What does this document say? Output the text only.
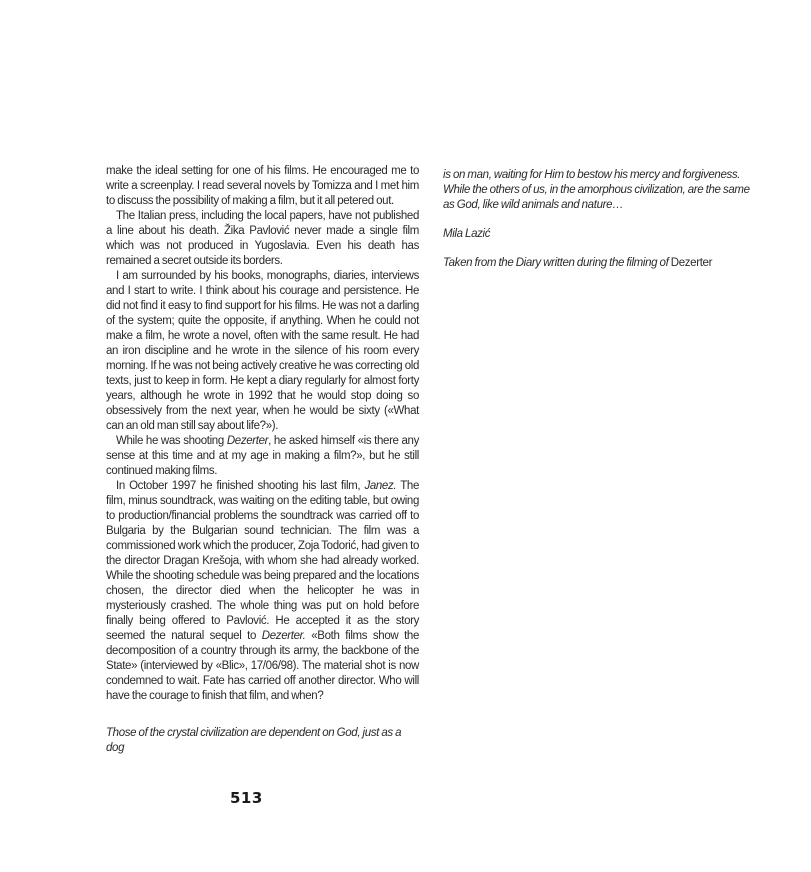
make the ideal setting for one of his films. He encouraged me to write a screenplay. I read several novels by Tomizza and I met him to discuss the possibility of making a film, but it all petered out.

The Italian press, including the local papers, have not published a line about his death. Žika Pavlović never made a single film which was not produced in Yugoslavia. Even his death has remained a secret outside its borders.

I am surrounded by his books, monographs, diaries, interviews and I start to write. I think about his courage and persistence. He did not find it easy to find support for his films. He was not a darling of the system; quite the opposite, if anything. When he could not make a film, he wrote a novel, often with the same result. He had an iron discipline and he wrote in the silence of his room every morning. If he was not being actively creative he was correcting old texts, just to keep in form. He kept a diary regularly for almost forty years, although he wrote in 1992 that he would stop doing so obsessively from the next year, when he would be sixty («What can an old man still say about life?»).

While he was shooting Dezerter, he asked himself «is there any sense at this time and at my age in making a film?», but he still continued making films.

In October 1997 he finished shooting his last film, Janez. The film, minus soundtrack, was waiting on the editing table, but owing to production/financial problems the soundtrack was carried off to Bulgaria by the Bulgarian sound technician. The film was a commissioned work which the producer, Zoja Todorić, had given to the director Dragan Krešoja, with whom she had already worked. While the shooting schedule was being prepared and the locations chosen, the director died when the helicopter he was in mysteriously crashed. The whole thing was put on hold before finally being offered to Pavlović. He accepted it as the story seemed the natural sequel to Dezerter. «Both films show the decomposition of a country through its army, the backbone of the State» (interviewed by «Blic», 17/06/98). The material shot is now condemned to wait. Fate has carried off another director. Who will have the courage to finish that film, and when?

Those of the crystal civilization are dependent on God, just as a dog

is on man, waiting for Him to bestow his mercy and forgiveness. While the others of us, in the amorphous civilization, are the same as God, like wild animals and nature…

Mila Lazić

Taken from the Diary written during the filming of Dezerter

513
